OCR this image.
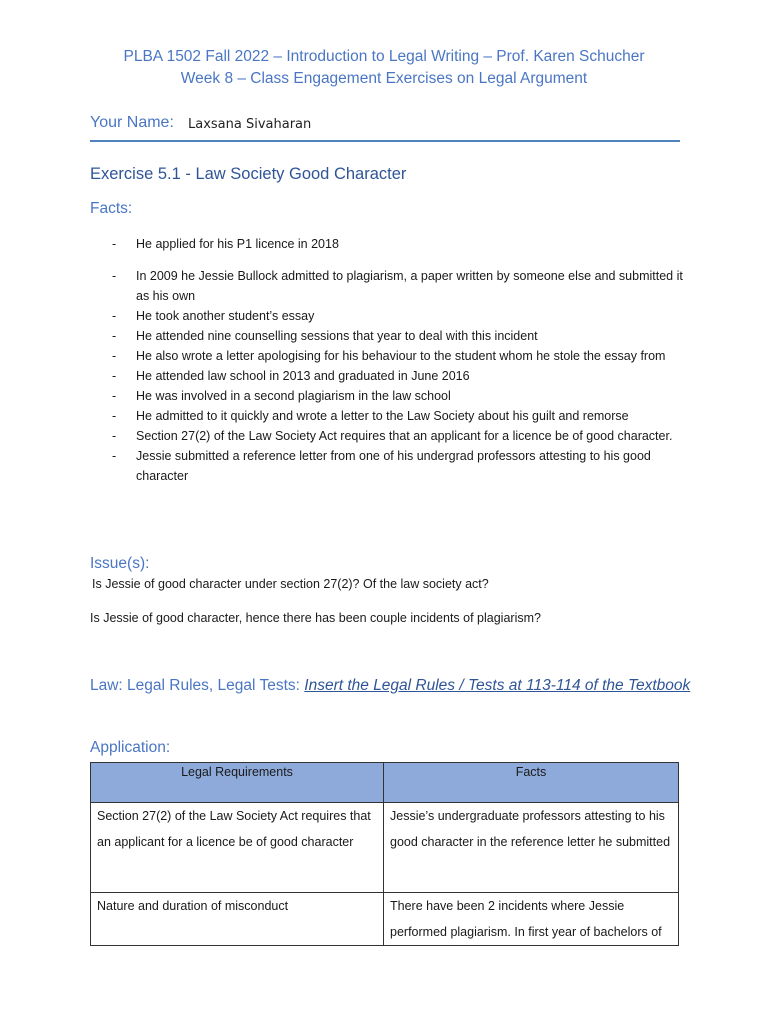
PLBA 1502 Fall 2022 – Introduction to Legal Writing – Prof. Karen Schucher
Week 8 – Class Engagement Exercises on Legal Argument
Your Name: Laxsana Sivaharan
Exercise 5.1 - Law Society Good Character
Facts:
- He applied for his P1 licence in 2018
- In 2009 he Jessie Bullock admitted to plagiarism, a paper written by someone else and submitted it as his own
- He took another student’s essay
- He attended nine counselling sessions that year to deal with this incident
- He also wrote a letter apologising for his behaviour to the student whom he stole the essay from
- He attended law school in 2013 and graduated in June 2016
- He was involved in a second plagiarism in the law school
- He admitted to it quickly and wrote a letter to the Law Society about his guilt and remorse
- Section 27(2) of the Law Society Act requires that an applicant for a licence be of good character.
- Jessie submitted a reference letter from one of his undergrad professors attesting to his good character
Issue(s):
Is Jessie of good character under section 27(2)? Of the law society act?
Is Jessie of good character, hence there has been couple incidents of plagiarism?
Law: Legal Rules, Legal Tests: Insert the Legal Rules / Tests at 113-114 of the Textbook
Application:
Legal Requirements	Facts
Section 27(2) of the Law Society Act requires that an applicant for a licence be of good character	Jessie’s undergraduate professors attesting to his good character in the reference letter he submitted
Nature and duration of misconduct	There have been 2 incidents where Jessie performed plagiarism. In first year of bachelors of
